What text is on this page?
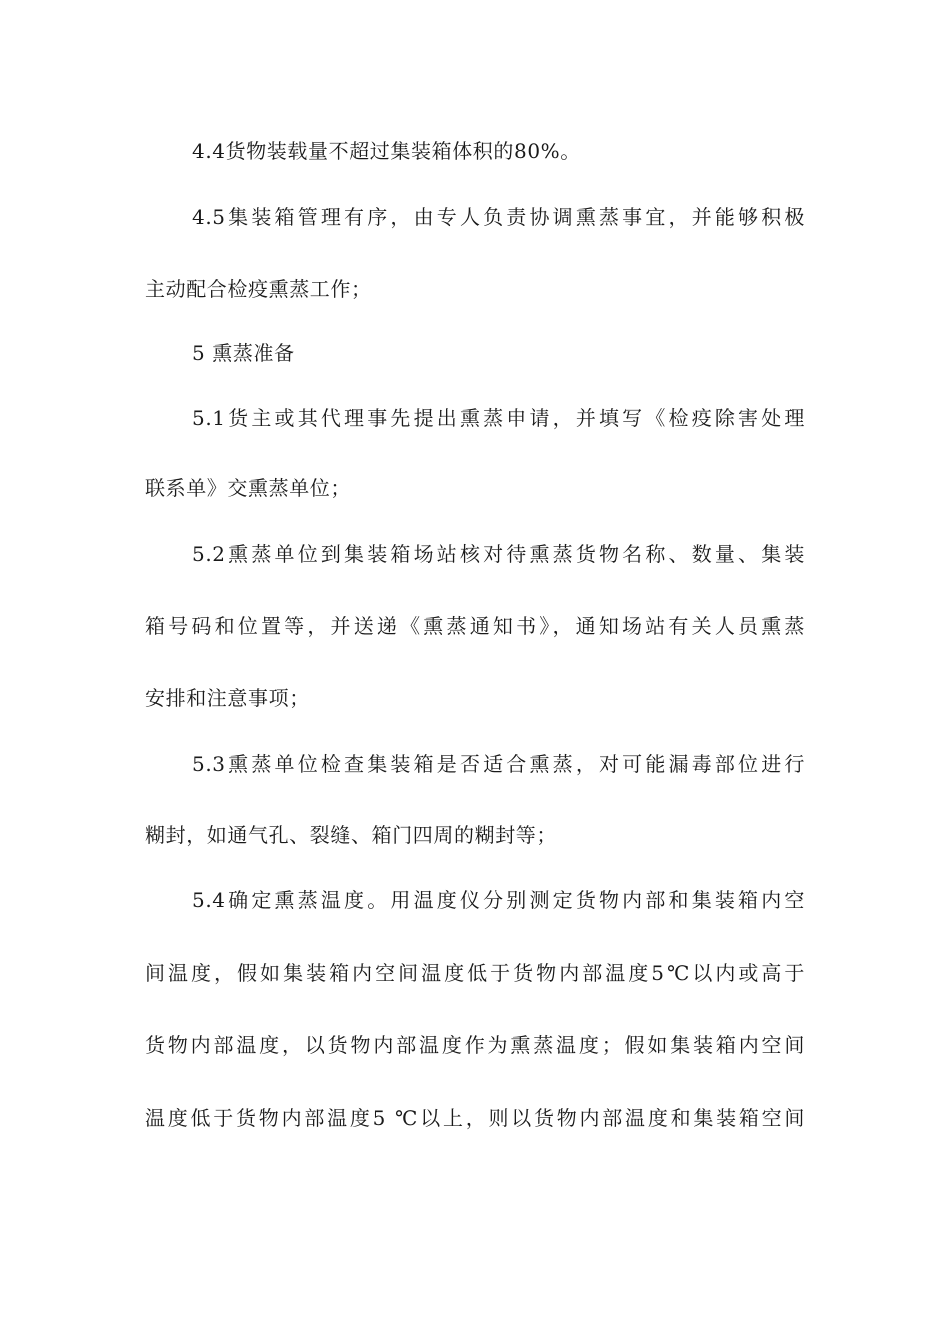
4.4货物装载量不超过集装箱体积的80%。
4.5集装箱管理有序，由专人负责协调熏蒸事宜，并能够积极
主动配合检疫熏蒸工作；
5 熏蒸准备
5.1货主或其代理事先提出熏蒸申请，并填写《检疫除害处理
联系单》交熏蒸单位；
5.2熏蒸单位到集装箱场站核对待熏蒸货物名称、数量、集装
箱号码和位置等，并送递《熏蒸通知书》，通知场站有关人员熏蒸
安排和注意事项；
5.3熏蒸单位检查集装箱是否适合熏蒸，对可能漏毒部位进行
糊封，如通气孔、裂缝、箱门四周的糊封等；
5.4确定熏蒸温度。用温度仪分别测定货物内部和集装箱内空
间温度，假如集装箱内空间温度低于货物内部温度5℃以内或高于
货物内部温度，以货物内部温度作为熏蒸温度；假如集装箱内空间
温度低于货物内部温度5 ℃以上，则以货物内部温度和集装箱空间
